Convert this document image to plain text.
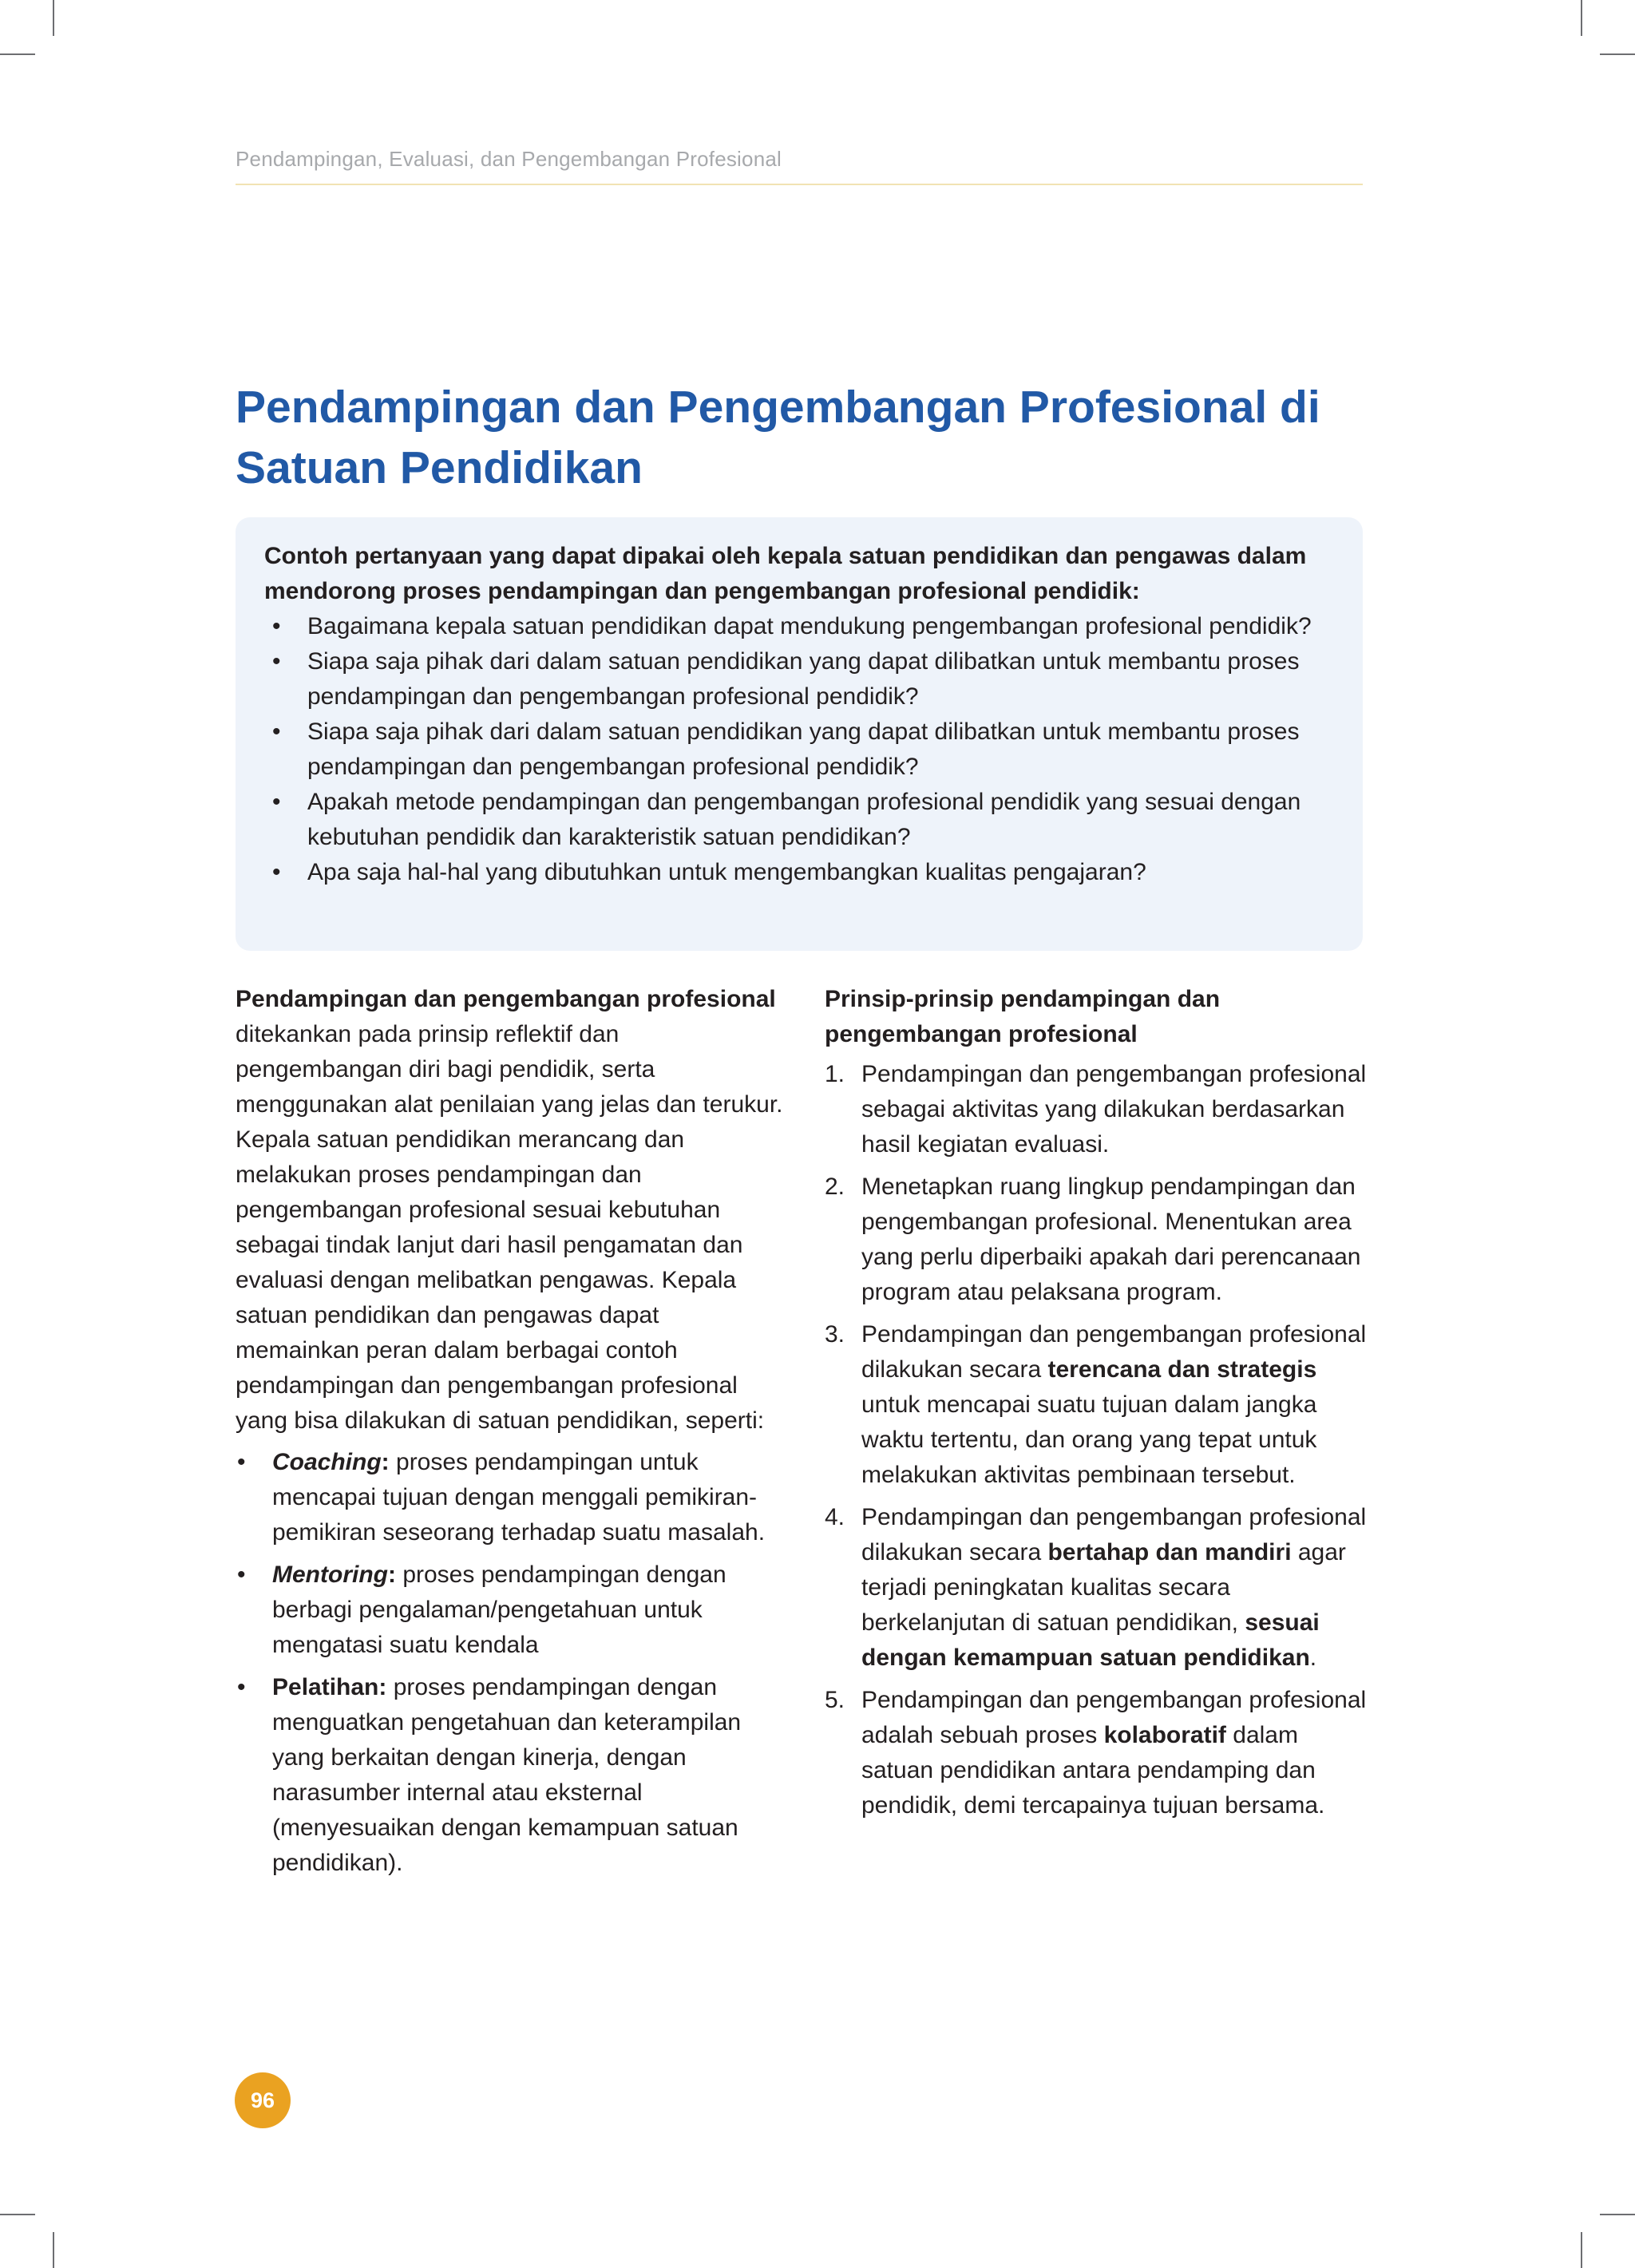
Pendampingan, Evaluasi, dan Pengembangan Profesional
Pendampingan dan Pengembangan Profesional di Satuan Pendidikan

Contoh pertanyaan yang dapat dipakai oleh kepala satuan pendidikan dan pengawas dalam mendorong proses pendampingan dan pengembangan profesional pendidik:

• Bagaimana kepala satuan pendidikan dapat mendukung pengembangan profesional pendidik?
• Siapa saja pihak dari dalam satuan pendidikan yang dapat dilibatkan untuk membantu proses pendampingan dan pengembangan profesional pendidik?
• Siapa saja pihak dari dalam satuan pendidikan yang dapat dilibatkan untuk membantu proses pendampingan dan pengembangan profesional pendidik?
• Apakah metode pendampingan dan pengembangan profesional pendidik yang sesuai dengan kebutuhan pendidik dan karakteristik satuan pendidikan?
• Apa saja hal-hal yang dibutuhkan untuk mengembangkan kualitas pengajaran?

Pendampingan dan pengembangan profesional ditekankan pada prinsip reflektif dan pengembangan diri bagi pendidik, serta menggunakan alat penilaian yang jelas dan terukur. Kepala satuan pendidikan merancang dan melakukan proses pendampingan dan pengembangan profesional sesuai kebutuhan sebagai tindak lanjut dari hasil pengamatan dan evaluasi dengan melibatkan pengawas. Kepala satuan pendidikan dan pengawas dapat memainkan peran dalam berbagai contoh pendampingan dan pengembangan profesional yang bisa dilakukan di satuan pendidikan, seperti:

• Coaching: proses pendampingan untuk mencapai tujuan dengan menggali pemikiran-pemikiran seseorang terhadap suatu masalah.
• Mentoring: proses pendampingan dengan berbagi pengalaman/pengetahuan untuk mengatasi suatu kendala
• Pelatihan: proses pendampingan dengan menguatkan pengetahuan dan keterampilan yang berkaitan dengan kinerja, dengan narasumber internal atau eksternal (menyesuaikan dengan kemampuan satuan pendidikan).

Prinsip-prinsip pendampingan dan pengembangan profesional

1. Pendampingan dan pengembangan profesional sebagai aktivitas yang dilakukan berdasarkan hasil kegiatan evaluasi.
2. Menetapkan ruang lingkup pendampingan dan pengembangan profesional. Menentukan area yang perlu diperbaiki apakah dari perencanaan program atau pelaksana program.
3. Pendampingan dan pengembangan profesional dilakukan secara terencana dan strategis untuk mencapai suatu tujuan dalam jangka waktu tertentu, dan orang yang tepat untuk melakukan aktivitas pembinaan tersebut.
4. Pendampingan dan pengembangan profesional dilakukan secara bertahap dan mandiri agar terjadi peningkatan kualitas secara berkelanjutan di satuan pendidikan, sesuai dengan kemampuan satuan pendidikan.
5. Pendampingan dan pengembangan profesional adalah sebuah proses kolaboratif dalam satuan pendidikan antara pendamping dan pendidik, demi tercapainya tujuan bersama.
96
